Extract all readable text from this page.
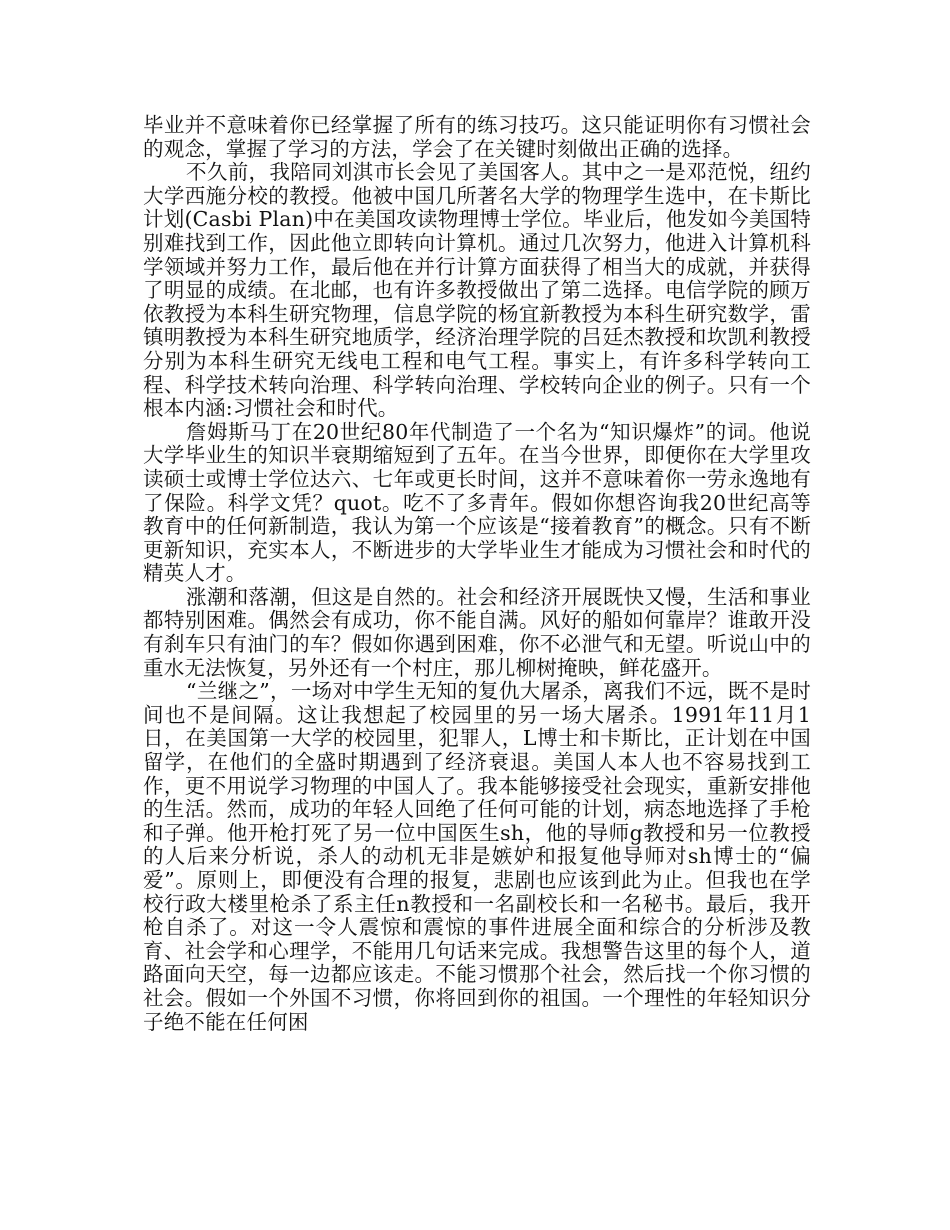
毕业并不意味着你已经掌握了所有的练习技巧。这只能证明你有习惯社会的观念，掌握了学习的方法，学会了在关键时刻做出正确的选择。

不久前，我陪同刘淇市长会见了美国客人。其中之一是邓范悦，纽约大学西施分校的教授。他被中国几所著名大学的物理学生选中，在卡斯比计划(Casbi Plan)中在美国攻读物理博士学位。毕业后，他发如今美国特别难找到工作，因此他立即转向计算机。通过几次努力，他进入计算机科学领域并努力工作，最后他在并行计算方面获得了相当大的成就，并获得了明显的成绩。在北邮，也有许多教授做出了第二选择。电信学院的顾万依教授为本科生研究物理，信息学院的杨宜新教授为本科生研究数学，雷镇明教授为本科生研究地质学，经济治理学院的吕廷杰教授和坎凯利教授分别为本科生研究无线电工程和电气工程。事实上，有许多科学转向工程、科学技术转向治理、科学转向治理、学校转向企业的例子。只有一个根本内涵:习惯社会和时代。

詹姆斯马丁在20世纪80年代制造了一个名为“知识爆炸”的词。他说大学毕业生的知识半衰期缩短到了五年。在当今世界，即便你在大学里攻读硕士或博士学位达六、七年或更长时间，这并不意味着你一劳永逸地有了保险。科学文凭？quot。吃不了多青年。假如你想咨询我20世纪高等教育中的任何新制造，我认为第一个应该是“接着教育”的概念。只有不断更新知识，充实本人，不断进步的大学毕业生才能成为习惯社会和时代的精英人才。

涨潮和落潮，但这是自然的。社会和经济开展既快又慢，生活和事业都特别困难。偶然会有成功，你不能自满。风好的船如何靠岸？谁敢开没有刹车只有油门的车？假如你遇到困难，你不必泄气和无望。听说山中的重水无法恢复，另外还有一个村庄，那儿柳树掩映，鲜花盛开。

“兰继之”，一场对中学生无知的复仇大屠杀，离我们不远，既不是时间也不是间隔。这让我想起了校园里的另一场大屠杀。1991年11月1日，在美国第一大学的校园里，犯罪人，L博士和卡斯比，正计划在中国留学，在他们的全盛时期遇到了经济衰退。美国人本人也不容易找到工作，更不用说学习物理的中国人了。我本能够接受社会现实，重新安排他的生活。然而，成功的年轻人回绝了任何可能的计划，病态地选择了手枪和子弹。他开枪打死了另一位中国医生sh，他的导师g教授和另一位教授的人后来分析说，杀人的动机无非是嫉妒和报复他导师对sh博士的“偏爱”。原则上，即便没有合理的报复，悲剧也应该到此为止。但我也在学校行政大楼里枪杀了系主任n教授和一名副校长和一名秘书。最后，我开枪自杀了。对这一令人震惊和震惊的事件进展全面和综合的分析涉及教育、社会学和心理学，不能用几句话来完成。我想警告这里的每个人，道路面向天空，每一边都应该走。不能习惯那个社会，然后找一个你习惯的社会。假如一个外国不习惯，你将回到你的祖国。一个理性的年轻知识分子绝不能在任何困
